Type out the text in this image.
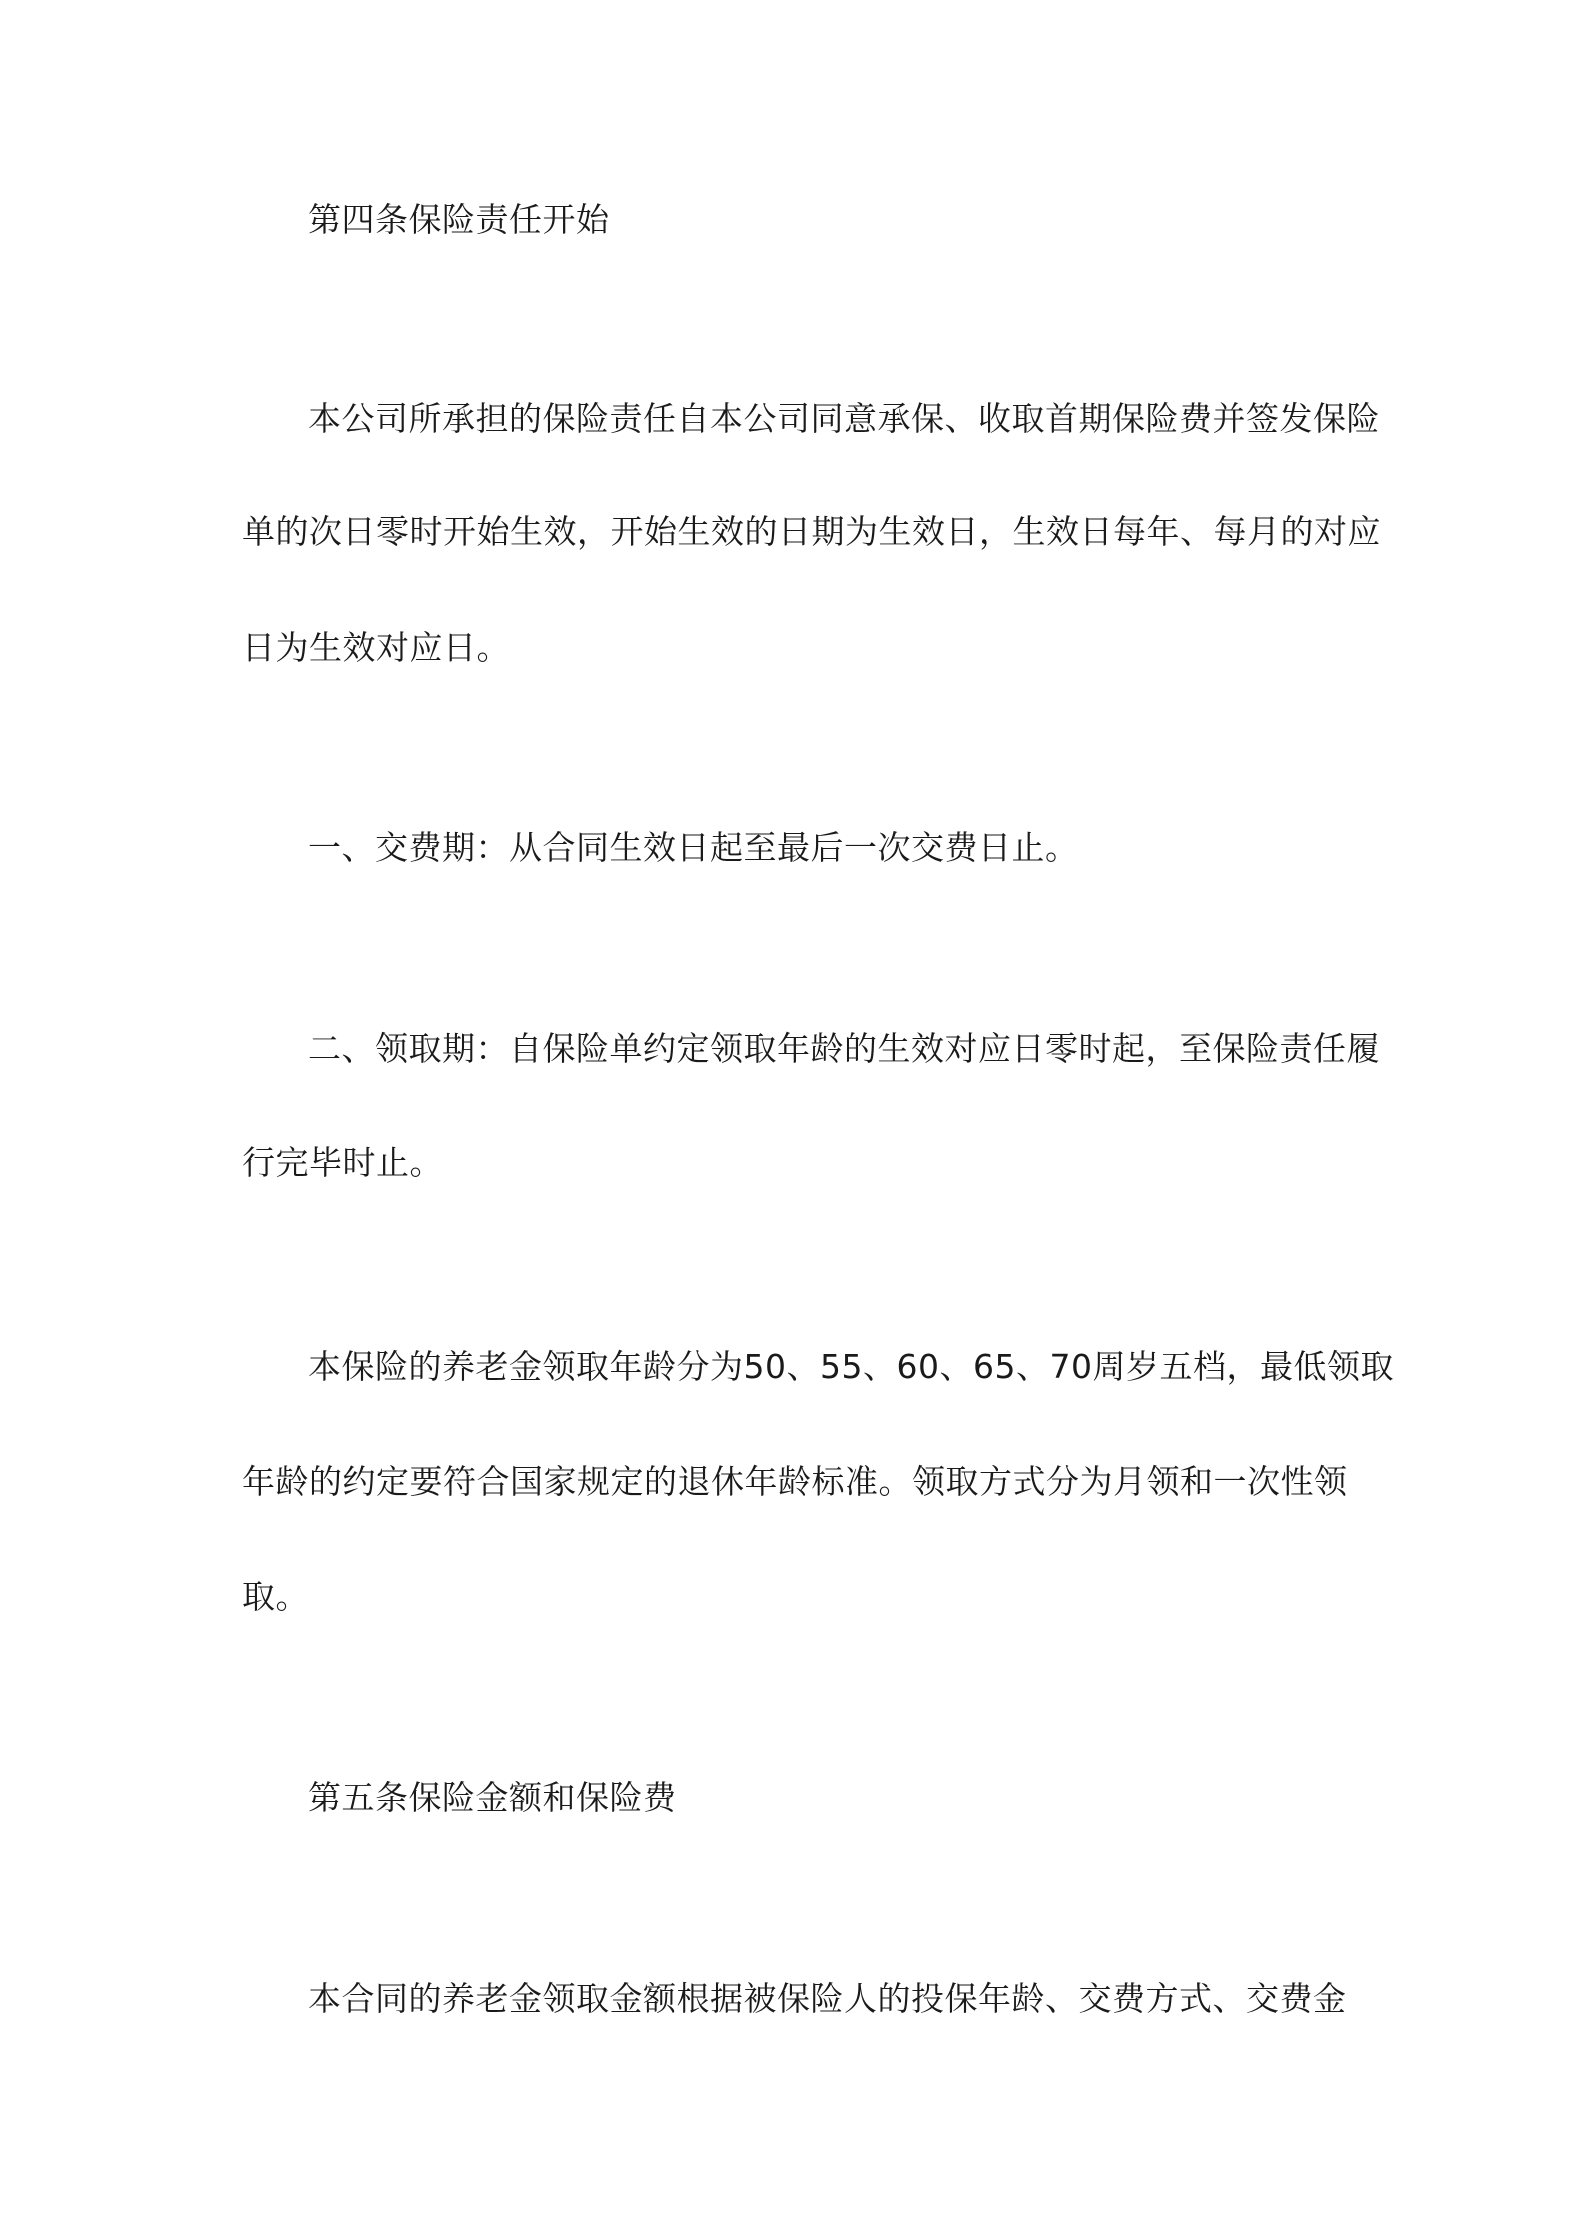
第四条保险责任开始
本公司所承担的保险责任自本公司同意承保、收取首期保险费并签发保险
单的次日零时开始生效，开始生效的日期为生效日，生效日每年、每月的对应
日为生效对应日。
一、交费期：从合同生效日起至最后一次交费日止。
二、领取期：自保险单约定领取年龄的生效对应日零时起，至保险责任履
行完毕时止。
本保险的养老金领取年龄分为50、55、60、65、70周岁五档，最低领取
年龄的约定要符合国家规定的退休年龄标准。领取方式分为月领和一次性领
取。
第五条保险金额和保险费
本合同的养老金领取金额根据被保险人的投保年龄、交费方式、交费金
